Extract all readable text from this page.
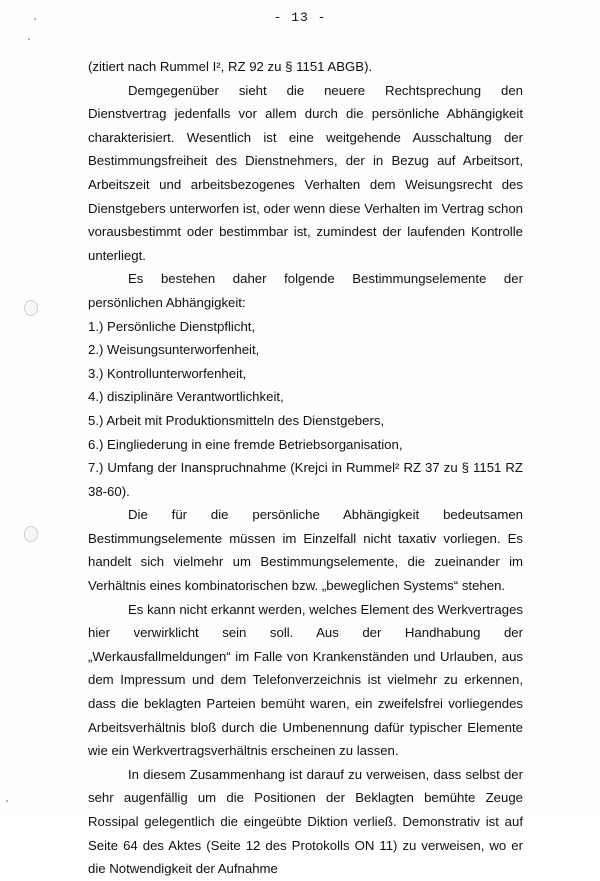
- 13 -

(zitiert nach Rummel I², RZ 92 zu § 1151 ABGB).

Demgegenüber sieht die neuere Rechtsprechung den Dienstvertrag jedenfalls vor allem durch die persönliche Abhängigkeit charakterisiert. Wesentlich ist eine weitgehende Ausschaltung der Bestimmungsfreiheit des Dienstnehmers, der in Bezug auf Arbeitsort, Arbeitszeit und arbeitsbezogenes Verhalten dem Weisungsrecht des Dienstgebers unterworfen ist, oder wenn diese Verhalten im Vertrag schon vorausbestimmt oder bestimmbar ist, zumindest der laufenden Kontrolle unterliegt.

Es bestehen daher folgende Bestimmungselemente der persönlichen Abhängigkeit:

1.) Persönliche Dienstpflicht,

2.) Weisungsunterworfenheit,

3.) Kontrollunterworfenheit,

4.) disziplinäre Verantwortlichkeit,

5.) Arbeit mit Produktionsmitteln des Dienstgebers,

6.) Eingliederung in eine fremde Betriebsorganisation,

7.) Umfang der Inanspruchnahme (Krejci in Rummel² RZ 37 zu § 1151 RZ 38-60).

Die für die persönliche Abhängigkeit bedeutsamen Bestimmungselemente müssen im Einzelfall nicht taxativ vorliegen. Es handelt sich vielmehr um Bestimmungselemente, die zueinander im Verhältnis eines kombinatorischen bzw. „beweglichen Systems“ stehen.

Es kann nicht erkannt werden, welches Element des Werkvertrages hier verwirklicht sein soll. Aus der Handhabung der „Werkausfallmeldungen“ im Falle von Krankenständen und Urlauben, aus dem Impressum und dem Telefonverzeichnis ist vielmehr zu erkennen, dass die beklagten Parteien bemüht waren, ein zweifelsfrei vorliegendes Arbeitsverhältnis bloß durch die Umbenennung dafür typischer Elemente wie ein Werkvertragsverhältnis erscheinen zu lassen.

In diesem Zusammenhang ist darauf zu verweisen, dass selbst der sehr augenfällig um die Positionen der Beklagten bemühte Zeuge Rossipal gelegentlich die eingeübte Diktion verließ. Demonstrativ ist auf Seite 64 des Aktes (Seite 12 des Protokolls ON 11) zu verweisen, wo er die Notwendigkeit der Aufnahme
